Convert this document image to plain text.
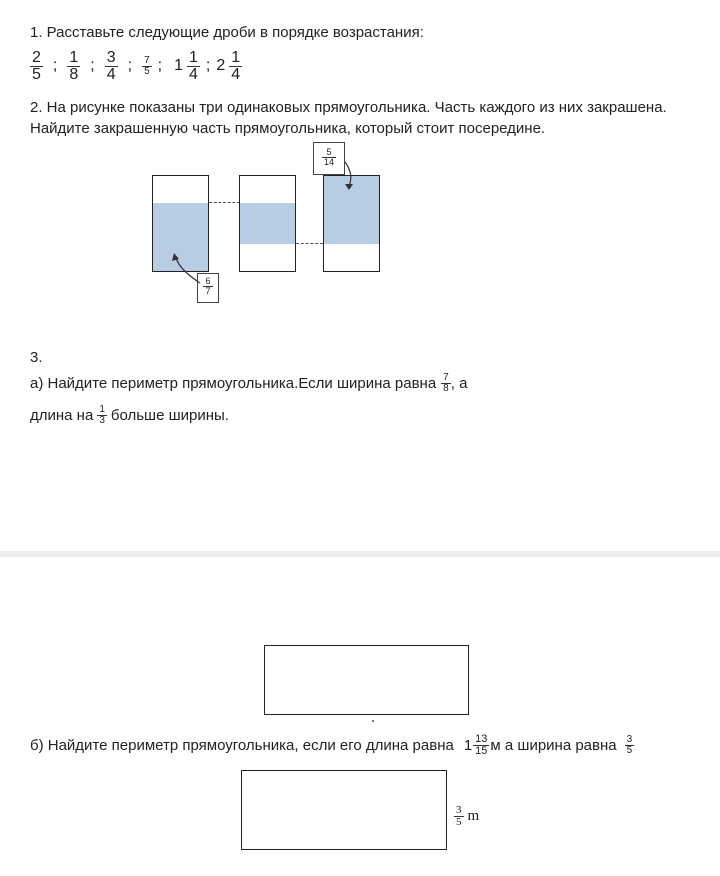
1. Расставьте следующие дроби в порядке возрастания:
$\frac{2}{5}$ ; $\frac{1}{8}$ ; $\frac{3}{4}$ ; $\frac{7}{5}$ ; $1 \frac{1}{4}$ ; $2 \frac{1}{4}$
2. На рисунке показаны три одинаковых прямоугольника. Часть каждого из них закрашена.
Найдите закрашенную часть прямоугольника, который стоит посередине.
$\frac{5}{14}$
$\frac{6}{7}$
3.
а) Найдите периметр прямоугольника.Если ширина равна $\frac{7}{8}$ , а
длина на $\frac{1}{3}$ больше ширины.
б) Найдите периметр прямоугольника, если его длина равна $1 \frac{13}{15}$ м а ширина равна $\frac{3}{5}$
$\frac{3}{5}$ m
